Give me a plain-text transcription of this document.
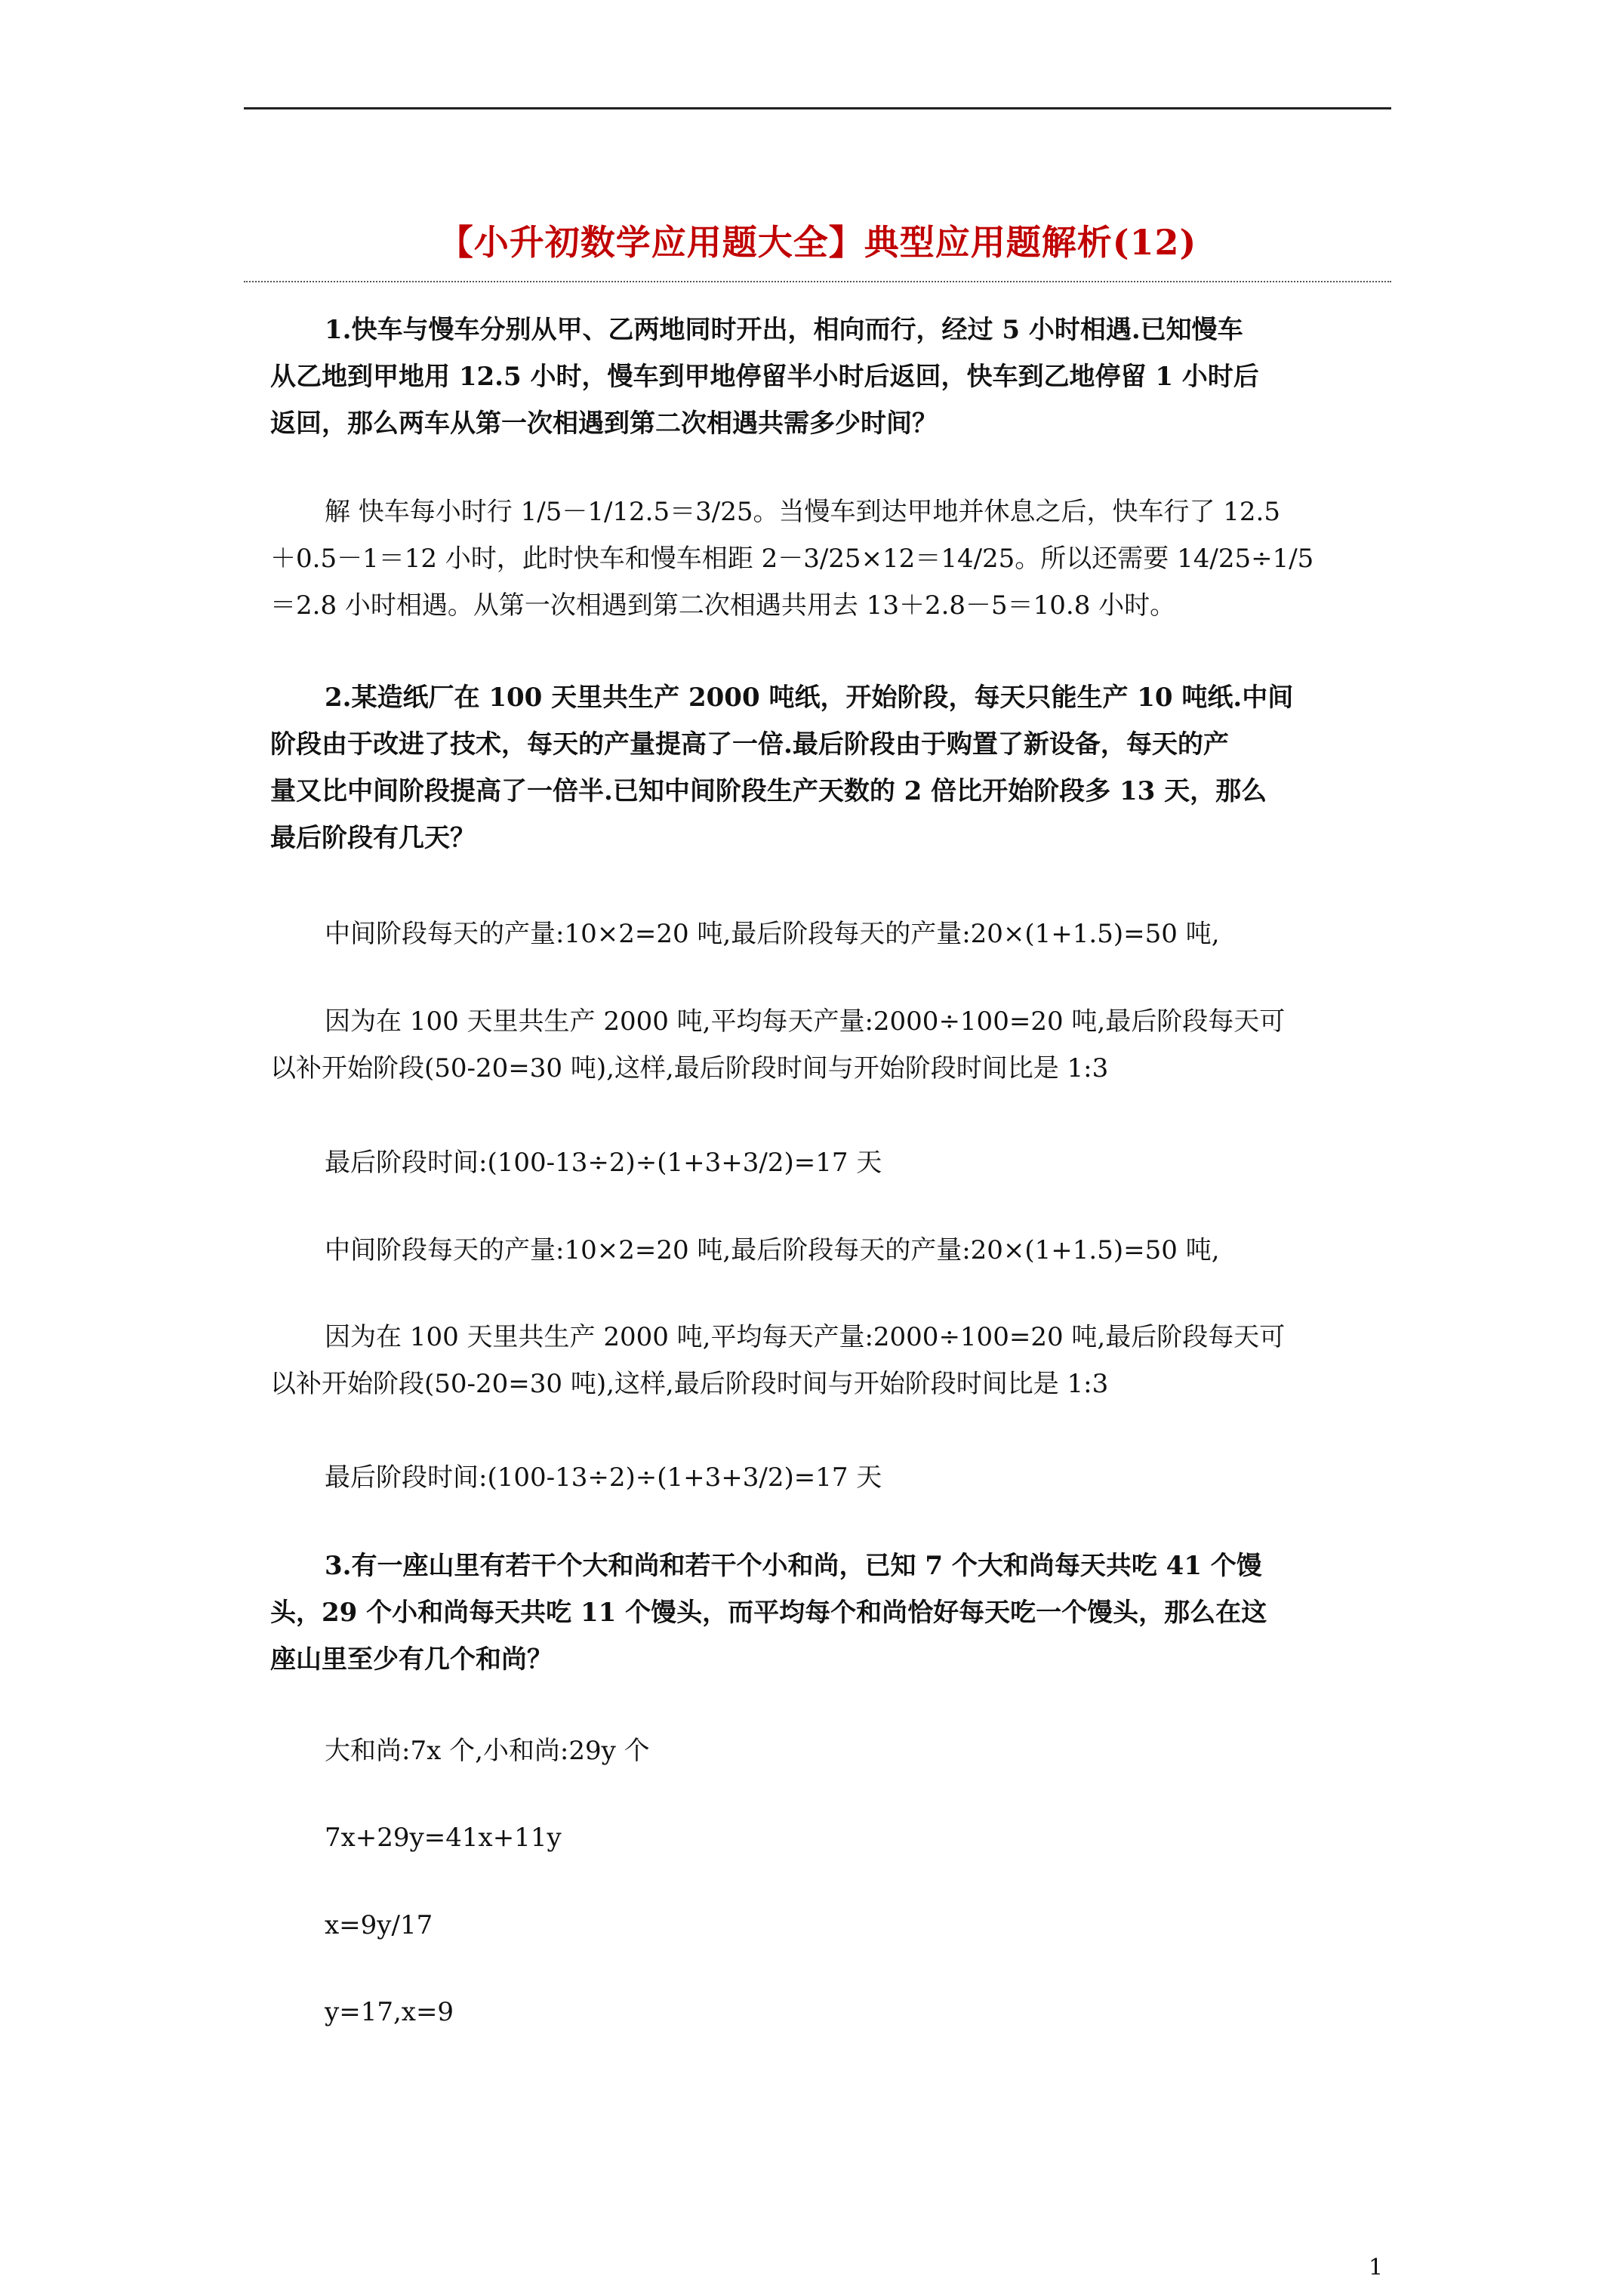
【小升初数学应用题大全】典型应用题解析(12)
1.快车与慢车分别从甲、乙两地同时开出，相向而行，经过 5 小时相遇.已知慢车
从乙地到甲地用 12.5 小时，慢车到甲地停留半小时后返回，快车到乙地停留 1 小时后
返回，那么两车从第一次相遇到第二次相遇共需多少时间？
解 快车每小时行 1/5－1/12.5＝3/25。当慢车到达甲地并休息之后，快车行了 12.5
＋0.5－1＝12 小时，此时快车和慢车相距 2－3/25×12＝14/25。所以还需要 14/25÷1/5
＝2.8 小时相遇。从第一次相遇到第二次相遇共用去 13＋2.8－5＝10.8 小时。
2.某造纸厂在 100 天里共生产 2000 吨纸，开始阶段，每天只能生产 10 吨纸.中间
阶段由于改进了技术，每天的产量提高了一倍.最后阶段由于购置了新设备，每天的产
量又比中间阶段提高了一倍半.已知中间阶段生产天数的 2 倍比开始阶段多 13 天，那么
最后阶段有几天？
中间阶段每天的产量:10×2=20 吨,最后阶段每天的产量:20×(1+1.5)=50 吨,
因为在 100 天里共生产 2000 吨,平均每天产量:2000÷100=20 吨,最后阶段每天可
以补开始阶段(50-20=30 吨),这样,最后阶段时间与开始阶段时间比是 1:3
最后阶段时间:(100-13÷2)÷(1+3+3/2)=17 天
中间阶段每天的产量:10×2=20 吨,最后阶段每天的产量:20×(1+1.5)=50 吨,
因为在 100 天里共生产 2000 吨,平均每天产量:2000÷100=20 吨,最后阶段每天可
以补开始阶段(50-20=30 吨),这样,最后阶段时间与开始阶段时间比是 1:3
最后阶段时间:(100-13÷2)÷(1+3+3/2)=17 天
3.有一座山里有若干个大和尚和若干个小和尚，已知 7 个大和尚每天共吃 41 个馒
头，29 个小和尚每天共吃 11 个馒头，而平均每个和尚恰好每天吃一个馒头，那么在这
座山里至少有几个和尚？
大和尚:7x 个,小和尚:29y 个
7x+29y=41x+11y
x=9y/17
y=17,x=9
1
